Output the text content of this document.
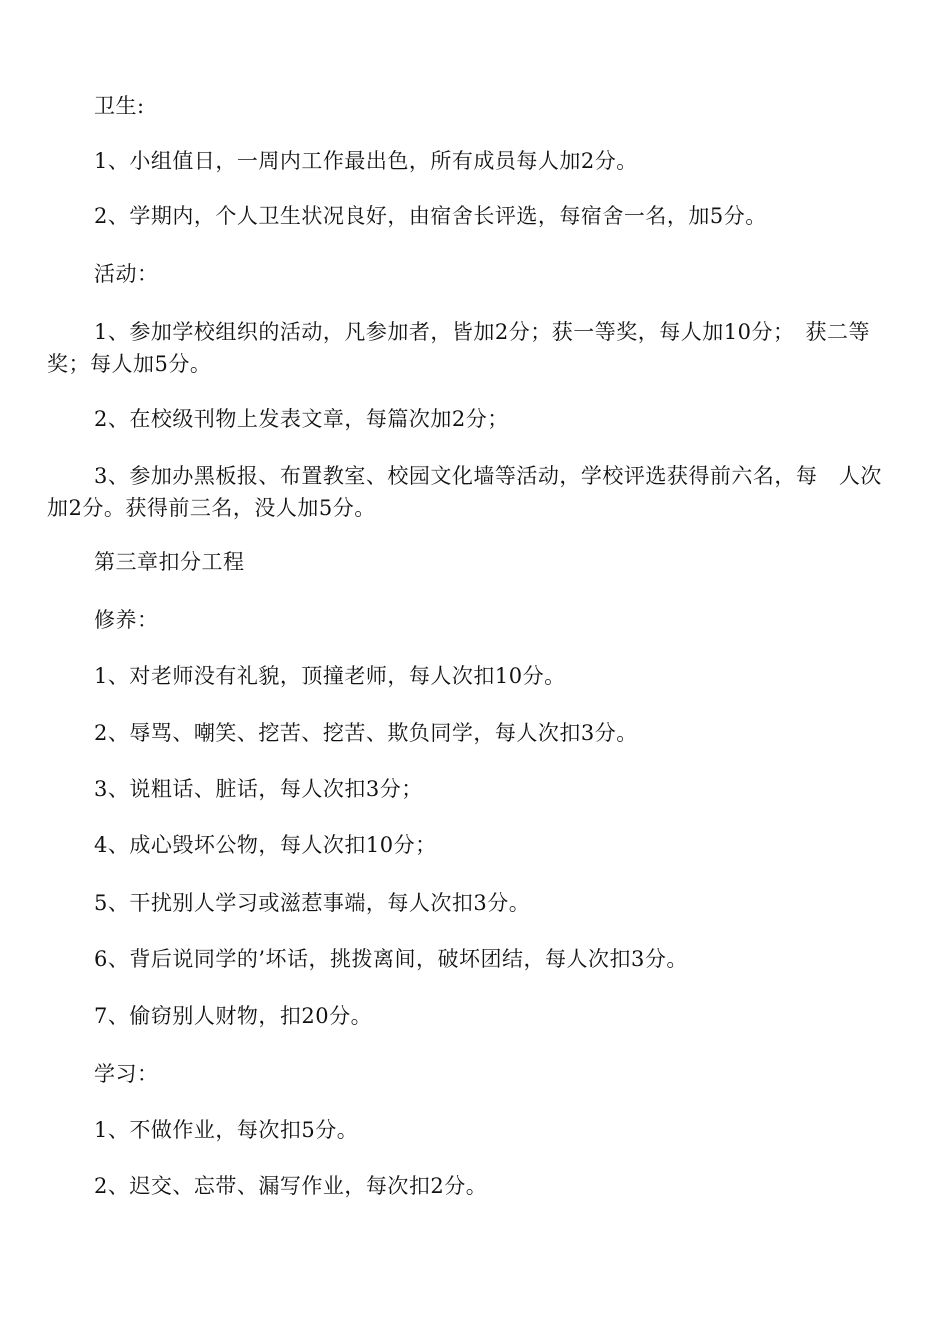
卫生:

1、小组值日，一周内工作最出色，所有成员每人加2分。

2、学期内，个人卫生状况良好，由宿舍长评选，每宿舍一名，加5分。

活动：

1、参加学校组织的活动，凡参加者，皆加2分；获一等奖，每人加10分；　获二等奖；每人加5分。

2、在校级刊物上发表文章，每篇次加2分；

3、参加办黑板报、布置教室、校园文化墙等活动，学校评选获得前六名，每　人次加2分。获得前三名，没人加5分。

第三章扣分工程

修养：

1、对老师没有礼貌，顶撞老师，每人次扣10分。

2、辱骂、嘲笑、挖苦、挖苦、欺负同学，每人次扣3分。

3、说粗话、脏话，每人次扣3分；

4、成心毁坏公物，每人次扣10分；

5、干扰别人学习或滋惹事端，每人次扣3分。

6、背后说同学的’坏话，挑拨离间，破坏团结，每人次扣3分。

7、偷窃别人财物，扣20分。

学习：

1、不做作业，每次扣5分。

2、迟交、忘带、漏写作业，每次扣2分。
